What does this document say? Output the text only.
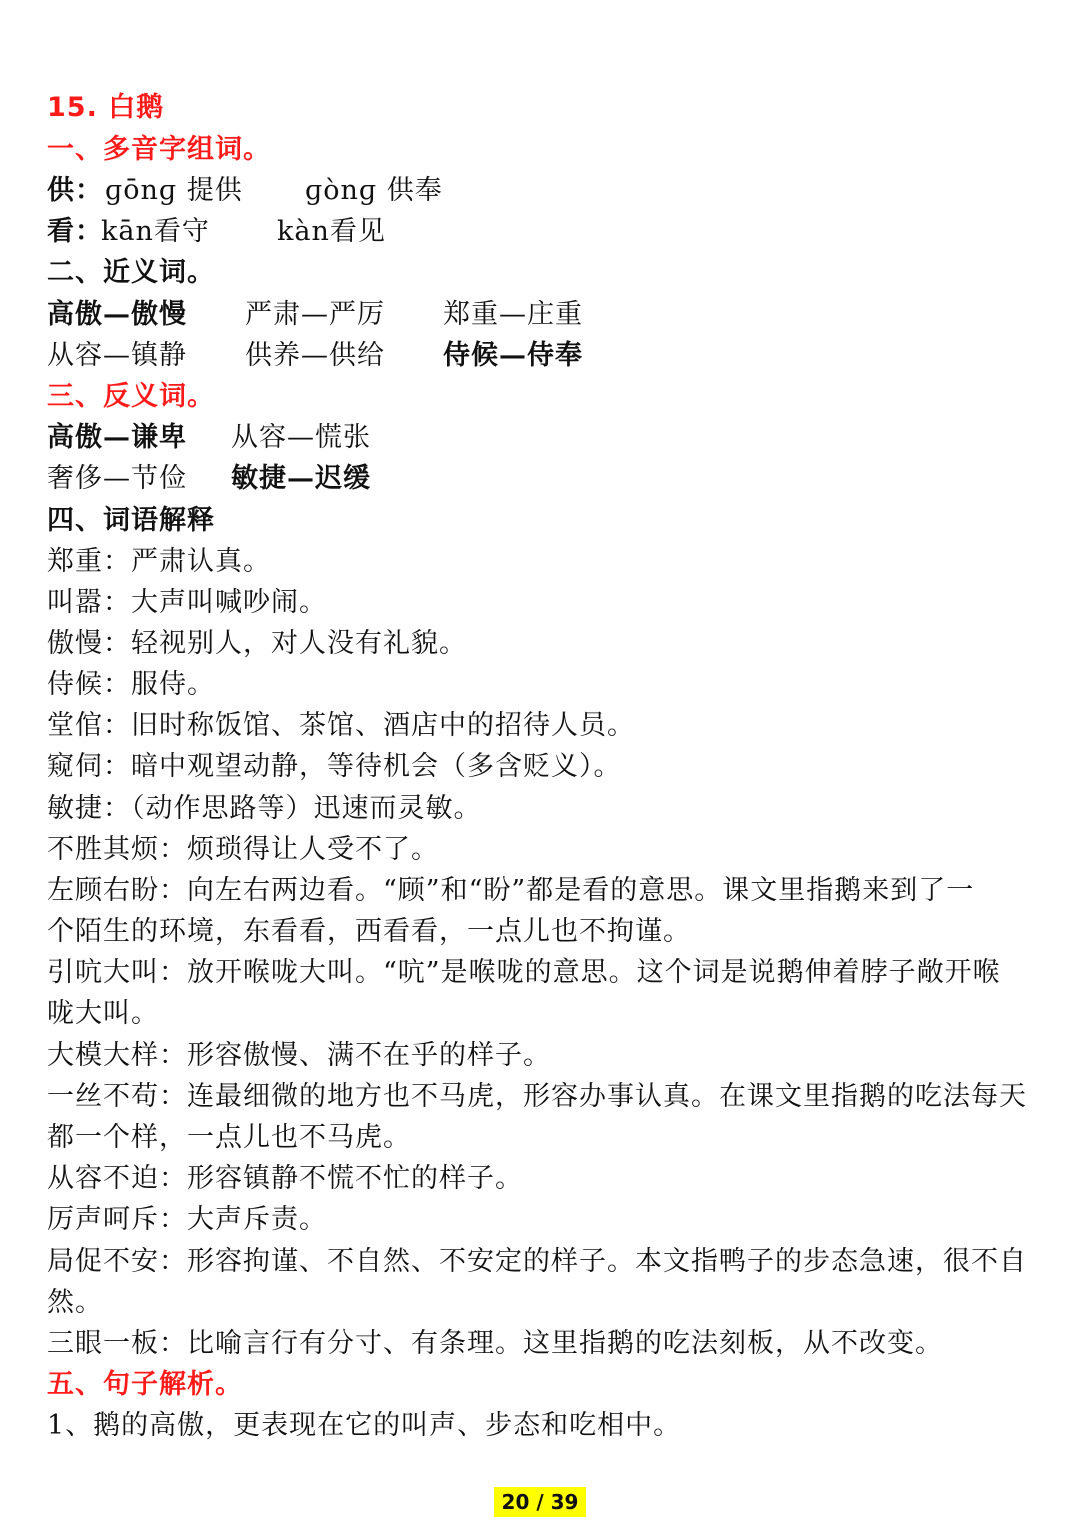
15. 白鹅
一、多音字组词。
供： ɡōnɡ 提供 ɡònɡ 供奉
看：
kān看守 kàn看见
二、近义词。
高傲—傲慢 严肃—严厉 郑重—庄重
从容—镇静 供养—供给 侍候—侍奉
三、反义词。
高傲—谦卑 从容—慌张
奢侈—节俭 敏捷—迟缓
四、词语解释
郑重：严肃认真。
叫嚣：大声叫喊吵闹。
傲慢：轻视别人，对人没有礼貌。
侍候：服侍。
堂倌：旧时称饭馆、茶馆、酒店中的招待人员。
窥伺：暗中观望动静，等待机会（多含贬义）。
敏捷：（动作思路等）迅速而灵敏。
不胜其烦：烦琐得让人受不了。
左顾右盼：向左右两边看。“顾”和“盼”都是看的意思。课文里指鹅来到了一
个陌生的环境，东看看，西看看，一点儿也不拘谨。
引吭大叫：放开喉咙大叫。“吭”是喉咙的意思。这个词是说鹅伸着脖子敞开喉
咙大叫。
大模大样：形容傲慢、满不在乎的样子。
一丝不苟：连最细微的地方也不马虎，形容办事认真。在课文里指鹅的吃法每天
都一个样，一点儿也不马虎。
从容不迫：形容镇静不慌不忙的样子。
厉声呵斥：大声斥责。
局促不安：形容拘谨、不自然、不安定的样子。本文指鸭子的步态急速，很不自
然。
三眼一板：比喻言行有分寸、有条理。这里指鹅的吃法刻板，从不改变。
五、句子解析。
1、鹅的高傲，更表现在它的叫声、步态和吃相中。
20 / 39
